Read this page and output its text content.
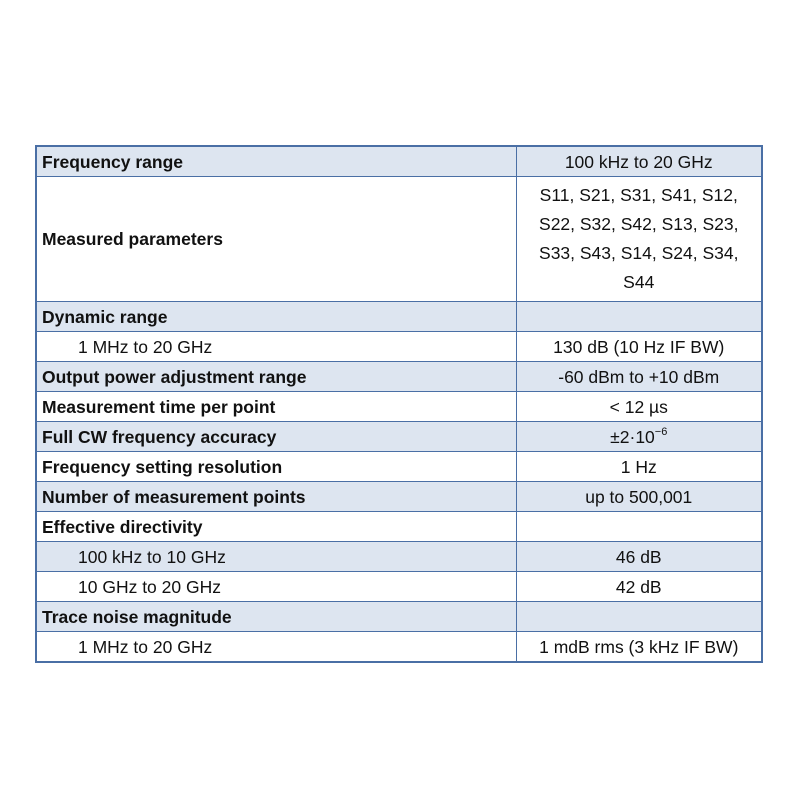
Frequency range	100 kHz to 20 GHz
Measured parameters	S11, S21, S31, S41, S12, S22, S32, S42, S13, S23, S33, S43, S14, S24, S34, S44
Dynamic range	
1 MHz to 20 GHz	130 dB (10 Hz IF BW)
Output power adjustment range	-60 dBm to +10 dBm
Measurement time per point	< 12 µs
Full CW frequency accuracy	$\pm 2\cdot 10^{-6}$
Frequency setting resolution	1 Hz
Number of measurement points	up to 500,001
Effective directivity	
100 kHz to 10 GHz	46 dB
10 GHz to 20 GHz	42 dB
Trace noise magnitude	
1 MHz to 20 GHz	1 mdB rms (3 kHz IF BW)
